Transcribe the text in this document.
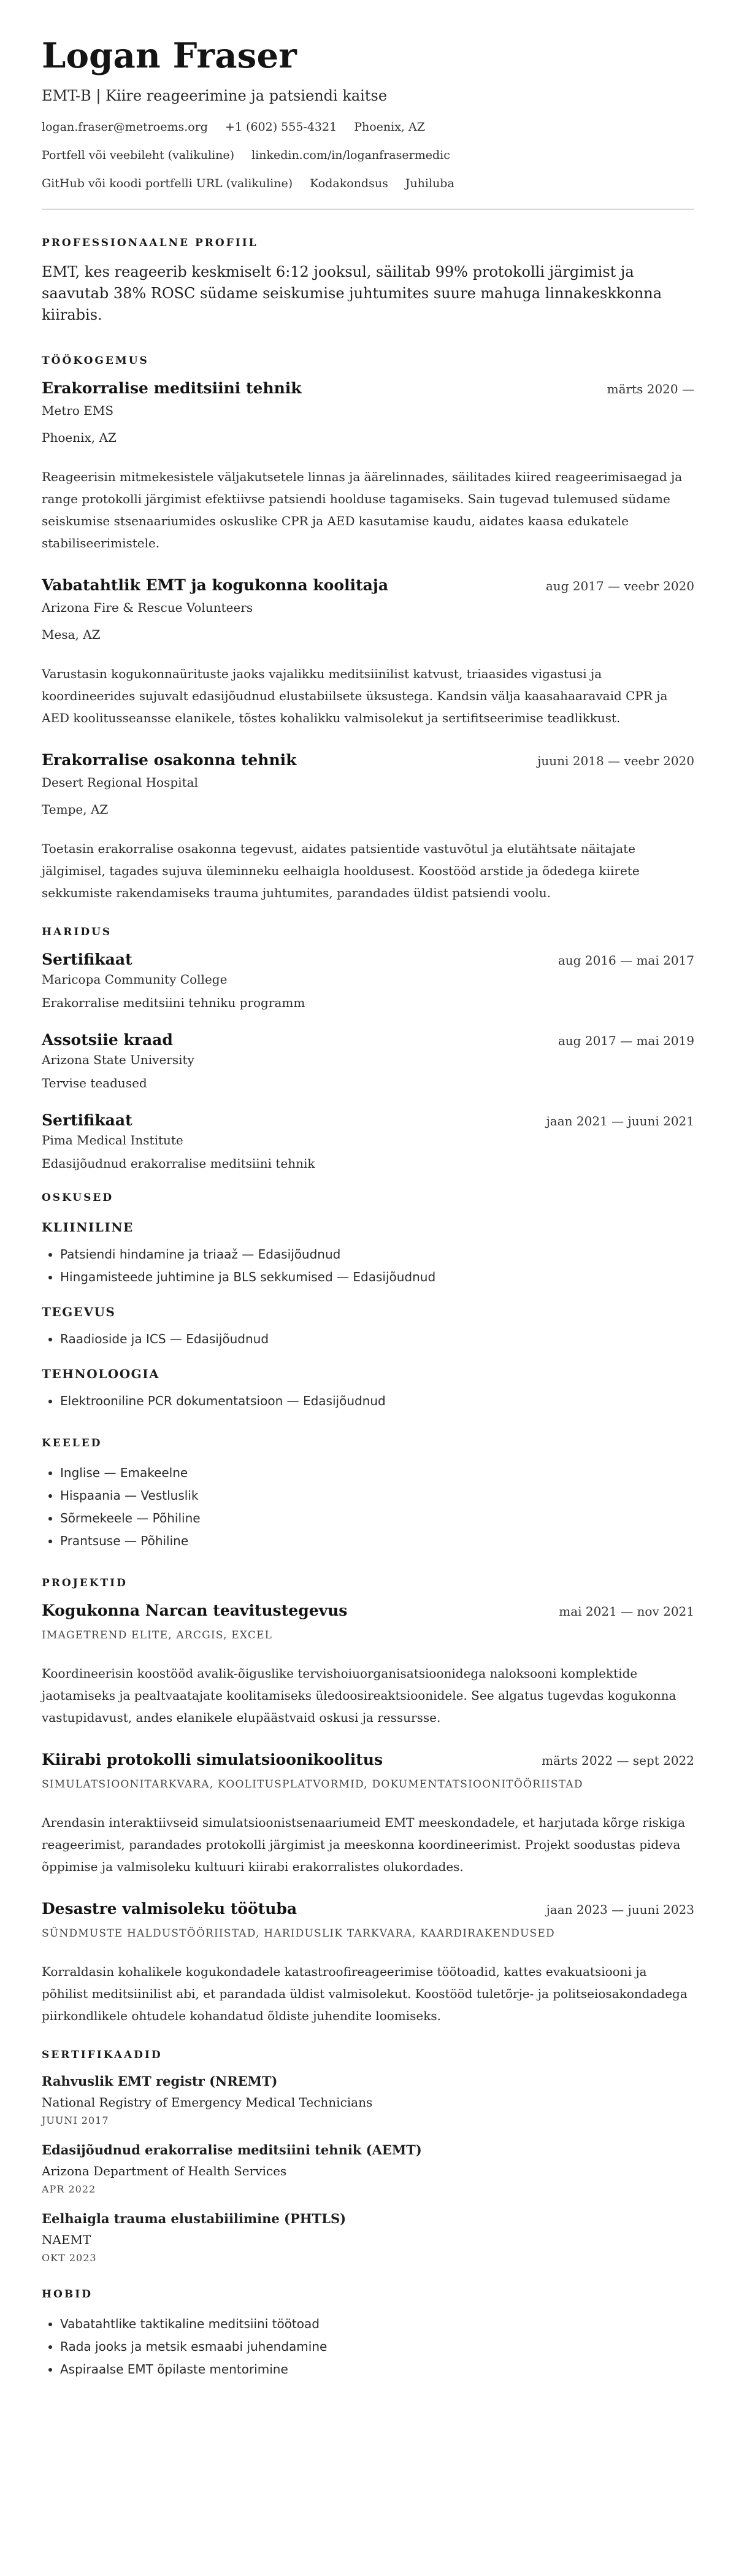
Logan Fraser
EMT-B | Kiire reageerimine ja patsiendi kaitse
logan.fraser@metroems.org +1 (602) 555-4321 Phoenix, AZ
Portfell või veebileht (valikuline) linkedin.com/in/loganfrasermedic
GitHub või koodi portfelli URL (valikuline) Kodakondsus Juhiluba
PROFESSIONAALNE PROFIIL
EMT, kes reageerib keskmiselt 6:12 jooksul, säilitab 99% protokolli järgimist ja saavutab 38% ROSC südame seiskumise juhtumites suure mahuga linnakeskkonna kiirabis.
TÖÖKOGEMUS
Erakorralise meditsiini tehnik	märts 2020 —
Metro EMS
Phoenix, AZ
Reageerisin mitmekesistele väljakutsetele linnas ja äärelinnades, säilitades kiired reageerimisaegad ja range protokolli järgimist efektiivse patsiendi hoolduse tagamiseks. Sain tugevad tulemused südame seiskumise stsenaariumides oskuslike CPR ja AED kasutamise kaudu, aidates kaasa edukatele stabiliseerimistele.
Vabatahtlik EMT ja kogukonna koolitaja	aug 2017 — veebr 2020
Arizona Fire & Rescue Volunteers
Mesa, AZ
Varustasin kogukonnaürituste jaoks vajalikku meditsiinilist katvust, triaasides vigastusi ja koordineerides sujuvalt edasijõudnud elustabiilsete üksustega. Kandsin välja kaasahaaravaid CPR ja AED koolitusseansse elanikele, tõstes kohalikku valmisolekut ja sertifitseerimise teadlikkust.
Erakorralise osakonna tehnik	juuni 2018 — veebr 2020
Desert Regional Hospital
Tempe, AZ
Toetasin erakorralise osakonna tegevust, aidates patsientide vastuvõtul ja elutähtsate näitajate jälgimisel, tagades sujuva üleminneku eelhaigla hooldusest. Koostööd arstide ja õdedega kiirete sekkumiste rakendamiseks trauma juhtumites, parandades üldist patsiendi voolu.
HARIDUS
Sertifikaat	aug 2016 — mai 2017
Maricopa Community College
Erakorralise meditsiini tehniku programm
Assotsiie kraad	aug 2017 — mai 2019
Arizona State University
Tervise teadused
Sertifikaat	jaan 2021 — juuni 2021
Pima Medical Institute
Edasijõudnud erakorralise meditsiini tehnik
OSKUSED
KLIINILINE
• Patsiendi hindamine ja triaaž — Edasijõudnud
• Hingamisteede juhtimine ja BLS sekkumised — Edasijõudnud
TEGEVUS
• Raadioside ja ICS — Edasijõudnud
TEHNOLOOGIA
• Elektrooniline PCR dokumentatsioon — Edasijõudnud
KEELED
• Inglise — Emakeelne
• Hispaania — Vestluslik
• Sõrmekeele — Põhiline
• Prantsuse — Põhiline
PROJEKTID
Kogukonna Narcan teavitustegevus	mai 2021 — nov 2021
IMAGETREND ELITE, ARCGIS, EXCEL
Koordineerisin koostööd avalik-õiguslike tervishoiuorganisatsioonidega naloksooni komplektide jaotamiseks ja pealtvaatajate koolitamiseks üledoosireaktsioonidele. See algatus tugevdas kogukonna vastupidavust, andes elanikele elupäästvaid oskusi ja ressursse.
Kiirabi protokolli simulatsioonikoolitus	märts 2022 — sept 2022
SIMULATSIOONITARKVARA, KOOLITUSPLATVORMID, DOKUMENTATSIOONITÖÖRIISTAD
Arendasin interaktiivseid simulatsioonistsenaariumeid EMT meeskondadele, et harjutada kõrge riskiga reageerimist, parandades protokolli järgimist ja meeskonna koordineerimist. Projekt soodustas pideva õppimise ja valmisoleku kultuuri kiirabi erakorralistes olukordades.
Desastre valmisoleku töötuba	jaan 2023 — juuni 2023
SÜNDMUSTE HALDUSTÖÖRIISTAD, HARIDUSLIK TARKVARA, KAARDIRAKENDUSED
Korraldasin kohalikele kogukondadele katastroofireageerimise töötoadid, kattes evakuatsiooni ja põhilist meditsiinilist abi, et parandada üldist valmisolekut. Koostööd tuletõrje- ja politseiosakondadega piirkondlikele ohtudele kohandatud õldiste juhendite loomiseks.
SERTIFIKAADID
Rahvuslik EMT registr (NREMT)
National Registry of Emergency Medical Technicians
JUUNI 2017
Edasijõudnud erakorralise meditsiini tehnik (AEMT)
Arizona Department of Health Services
APR 2022
Eelhaigla trauma elustabiilimine (PHTLS)
NAEMT
OKT 2023
HOBID
• Vabatahtlike taktikaline meditsiini töötoad
• Rada jooks ja metsik esmaabi juhendamine
• Aspiraalse EMT õpilaste mentorimine
